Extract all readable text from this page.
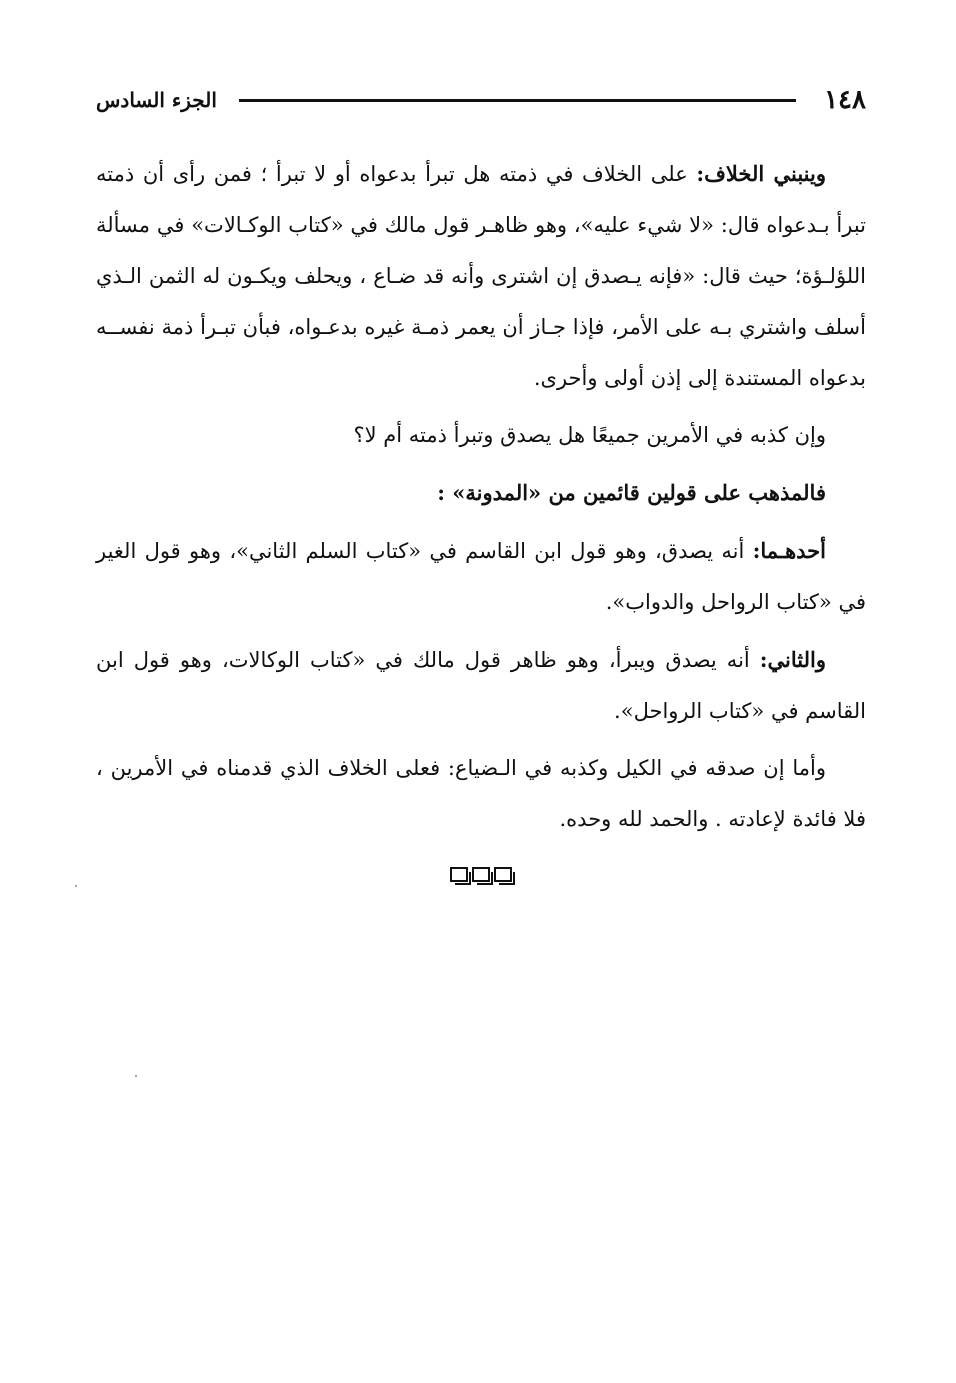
١٤٨
الجزء السادس

وينبني الخلاف: على الخلاف في ذمته هل تبرأ بدعواه أو لا تبرأ ؛ فمن رأى أن ذمته تبرأ بـدعواه قال: «لا شيء عليه»، وهو ظاهـر قول مالك في «كتاب الوكـالات» في مسألة اللؤلـؤة؛ حيث قال: «فإنه يـصدق إن اشترى وأنه قد ضـاع ، ويحلف ويكـون له الثمن الـذي أسلف واشتري بـه على الأمر، فإذا جـاز أن يعمر ذمـة غيره بدعـواه، فبأن تبـرأ ذمة نفســه بدعواه المستندة إلى إذن أولى وأحرى.

وإن كذبه في الأمرين جميعًا هل يصدق وتبرأ ذمته أم لا؟

فالمذهب على قولين قائمين من «المدونة» :

أحدهـما: أنه يصدق، وهو قول ابن القاسم في «كتاب السلم الثاني»، وهو قول الغير في «كتاب الرواحل والدواب».

والثاني: أنه يصدق ويبرأ، وهو ظاهر قول مالك في «كتاب الوكالات، وهو قول ابن القاسم في «كتاب الرواحل».

وأما إن صدقه في الكيل وكذبه في الـضياع: فعلى الخلاف الذي قدمناه في الأمرين ، فلا فائدة لإعادته . والحمد لله وحده.
